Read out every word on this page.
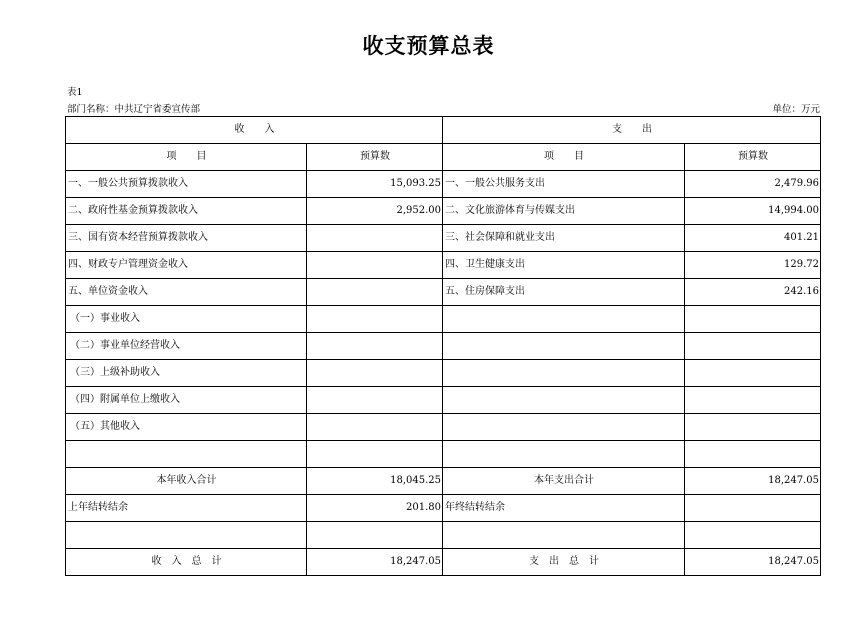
收支预算总表
表1
部门名称：中共辽宁省委宣传部	单位：万元
收　　入		支　　出	
项　　目	预算数	项　　目	预算数
一、一般公共预算拨款收入	15,093.25	一、一般公共服务支出	2,479.96
二、政府性基金预算拨款收入	2,952.00	二、文化旅游体育与传媒支出	14,994.00
三、国有资本经营预算拨款收入		三、社会保障和就业支出	401.21
四、财政专户管理资金收入		四、卫生健康支出	129.72
五、单位资金收入		五、住房保障支出	242.16
（一）事业收入			
（二）事业单位经营收入			
（三）上级补助收入			
（四）附属单位上缴收入			
（五）其他收入			

本年收入合计	18,045.25	本年支出合计	18,247.05
上年结转结余	201.80	年终结转结余	

收　入　总　计	18,247.05	支　出　总　计	18,247.05
